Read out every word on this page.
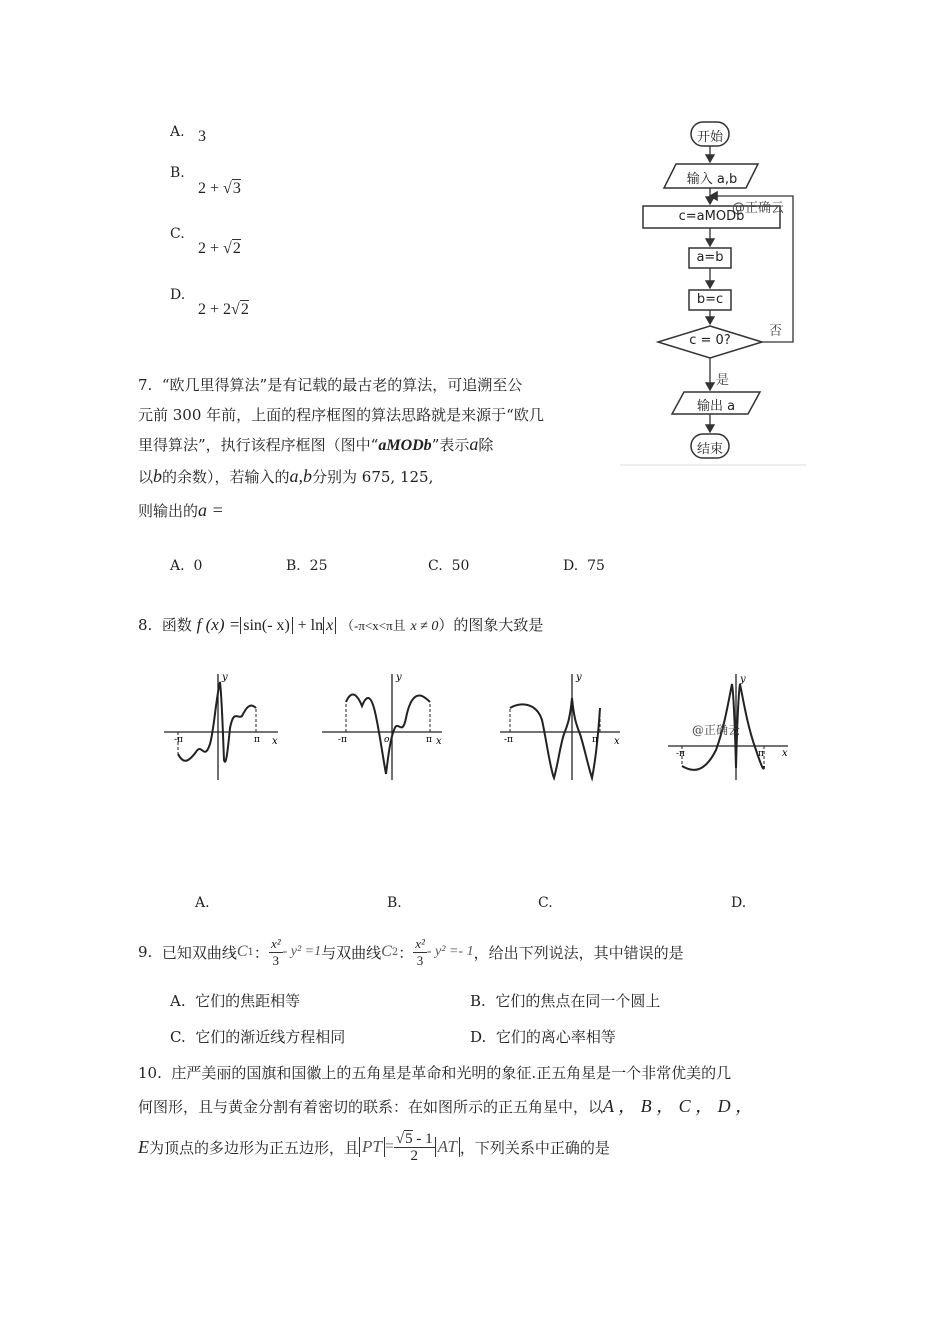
A. 3
B.
2 + √3
C.
2 + √2
D.
2 + 2√2
开始
输入 a,b
@正确云
c=aMODb
a=b
b=c
c = 0?
否
是
输出 a
结束
7. “欧几里得算法”是有记载的最古老的算法，可追溯至公
元前 300 年前，上面的程序框图的算法思路就是来源于“欧几
里得算法”，执行该程序框图（图中“aMODb”表示a除
以b的余数），若输入的a,b分别为 675, 125,
则输出的a =
A. 0	B. 25	C. 50	D. 75
8. 函数 f (x) = sin(- x) + ln x （-π<x<π且 x ≠ 0）的图象大致是
y
x
-π	π
y
x
-π	π
o
y
x
-π	π
y
x
-π	π
@正确云
A.	B.	C.	D.
9.
已知双曲线 C 1 ： $\frac{\text{x²}}{3} - y^2 =1$ 与双曲线 C 2 ： $\frac{\text{x²}}{3} - y^2 =- 1$ ，给出下列说法，其中错误的是
A. 它们的焦距相等	B. 它们的焦点在同一个圆上
C. 它们的渐近线方程相同	D. 它们的离心率相等
10. 庄严美丽的国旗和国徽上的五角星是革命和光明的象征.正五角星是一个非常优美的几
何图形，且与黄金分割有着密切的联系：在如图所示的正五角星中，以A ， B ， C ， D ，
E 为顶点的多边形为正五边形，且 PT = $\frac{√5 - 1}{2}$ AT ，下列关系中正确的是
